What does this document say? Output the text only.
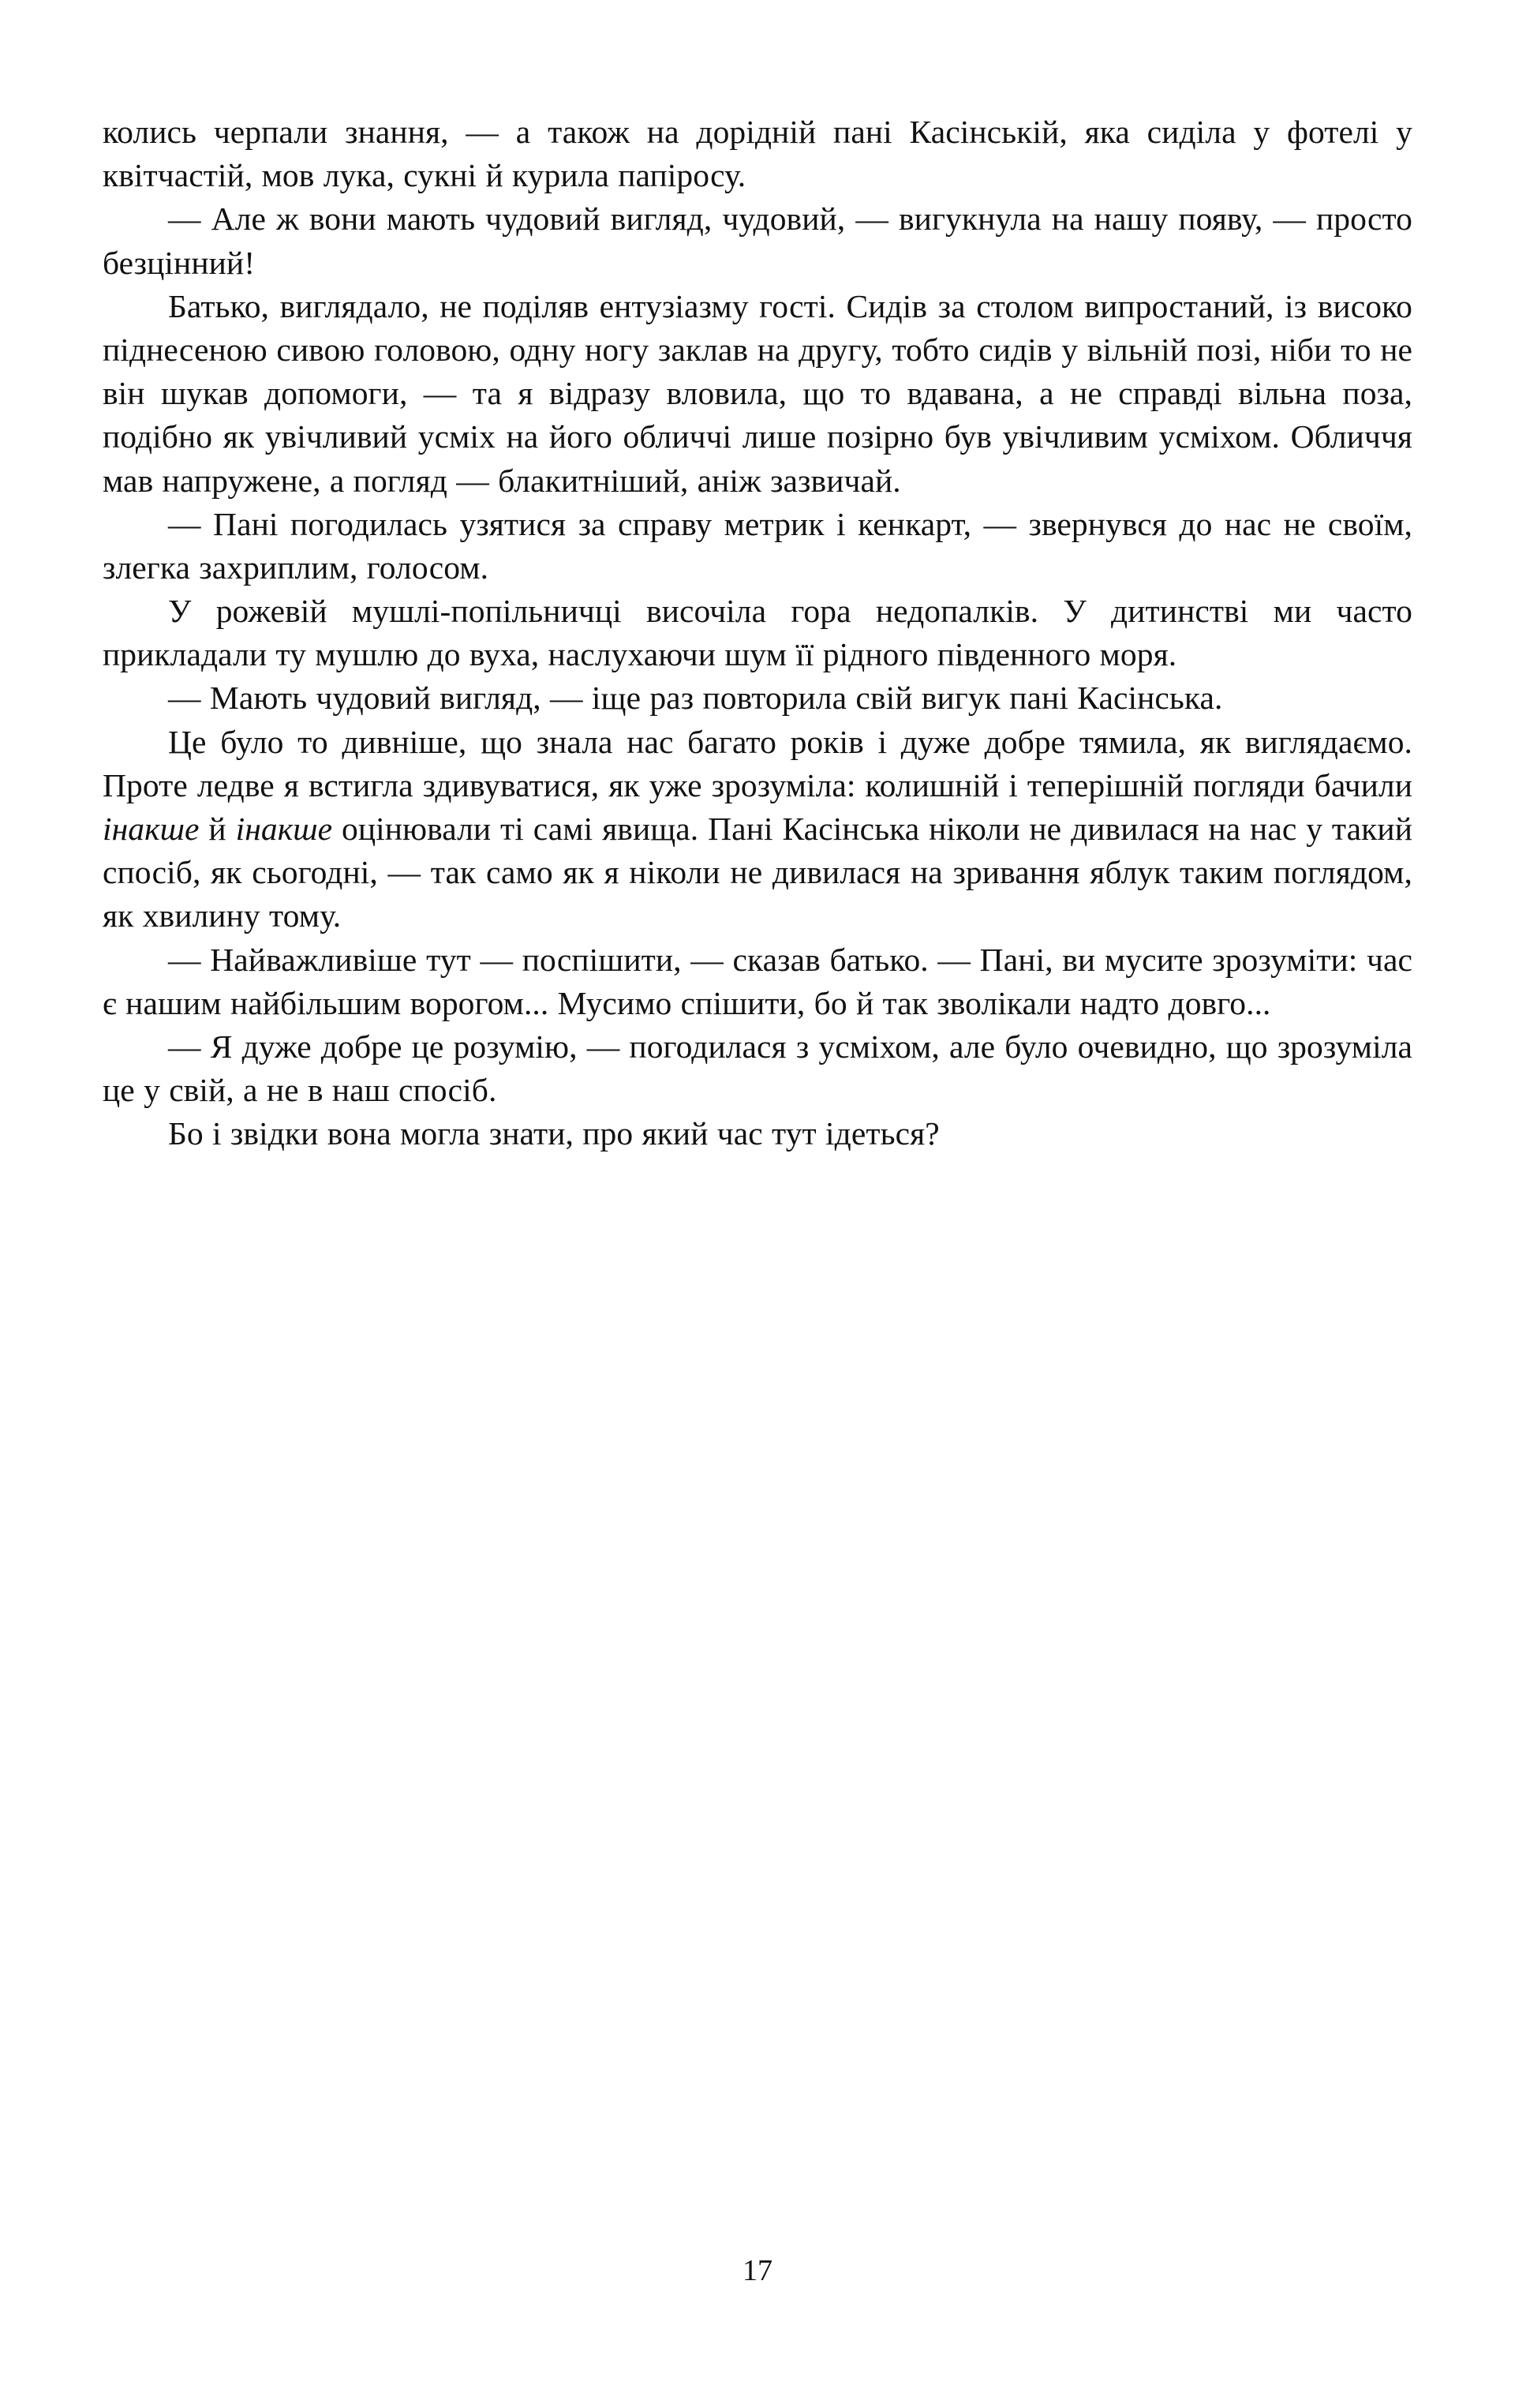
колись черпали знання, — а також на дорідній пані Касінській, яка сиділа у фотелі у квітчастій, мов лука, сукні й курила папіросу.

— Але ж вони мають чудовий вигляд, чудовий, — вигукнула на нашу появу, — просто безцінний!

Батько, виглядало, не поділяв ентузіазму гості. Сидів за столом випростаний, із високо піднесеною сивою головою, одну ногу заклав на другу, тобто сидів у вільній позі, ніби то не він шукав допомоги, — та я відразу вловила, що то вдавана, а не справді вільна поза, подібно як увічливий усміх на його обличчі лише позірно був увічливим усміхом. Обличчя мав напружене, а погляд — блакитніший, аніж зазвичай.

— Пані погодилась узятися за справу метрик і кенкарт, — звернувся до нас не своїм, злегка захриплим, голосом.

У рожевій мушлі-попільничці височіла гора недопалків. У дитинстві ми часто прикладали ту мушлю до вуха, наслухаючи шум її рідного південного моря.

— Мають чудовий вигляд, — іще раз повторила свій вигук пані Касінська.

Це було то дивніше, що знала нас багато років і дуже добре тямила, як виглядаємо. Проте ледве я встигла здивуватися, як уже зрозуміла: колишній і теперішній погляди бачили інакше й інакше оцінювали ті самі явища. Пані Касінська ніколи не дивилася на нас у такий спосіб, як сьогодні, — так само як я ніколи не дивилася на зривання яблук таким поглядом, як хвилину тому.

— Найважливіше тут — поспішити, — сказав батько. — Пані, ви мусите зрозуміти: час є нашим найбільшим ворогом... Мусимо спішити, бо й так зволікали надто довго...

— Я дуже добре це розумію, — погодилася з усміхом, але було очевидно, що зрозуміла це у свій, а не в наш спосіб.

Бо і звідки вона могла знати, про який час тут ідеться?

17
